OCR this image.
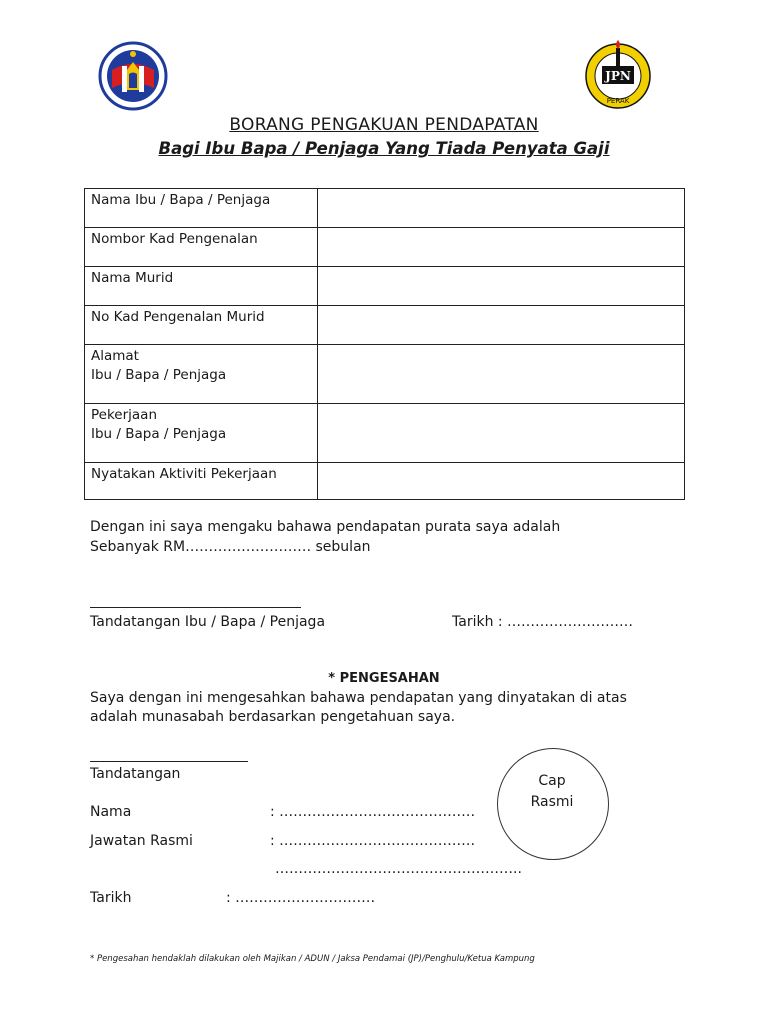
JPN
PERAK
BORANG PENGAKUAN PENDAPATAN
Bagi Ibu Bapa / Penjaga Yang Tiada Penyata Gaji
Nama Ibu / Bapa / Penjaga	
Nombor Kad Pengenalan	
Nama Murid	
No Kad Pengenalan Murid	
Alamat
Ibu / Bapa / Penjaga	
Pekerjaan
Ibu / Bapa / Penjaga	
Nyatakan Aktiviti Pekerjaan	
Dengan ini saya mengaku bahawa pendapatan purata saya adalah
Sebanyak RM……………………… sebulan
Tandatangan Ibu / Bapa / Penjaga	Tarikh : ………………………
* PENGESAHAN
Saya dengan ini mengesahkan bahawa pendapatan yang dinyatakan di atas
adalah munasabah berdasarkan pengetahuan saya.
Tandatangan
Nama	: ……………………………………
Jawatan Rasmi	: ……………………………………
……………………………………………..
Tarikh	: …………………………
Cap
Rasmi
* Pengesahan hendaklah dilakukan oleh Majikan / ADUN / Jaksa Pendamai (JP)/Penghulu/Ketua Kampung
